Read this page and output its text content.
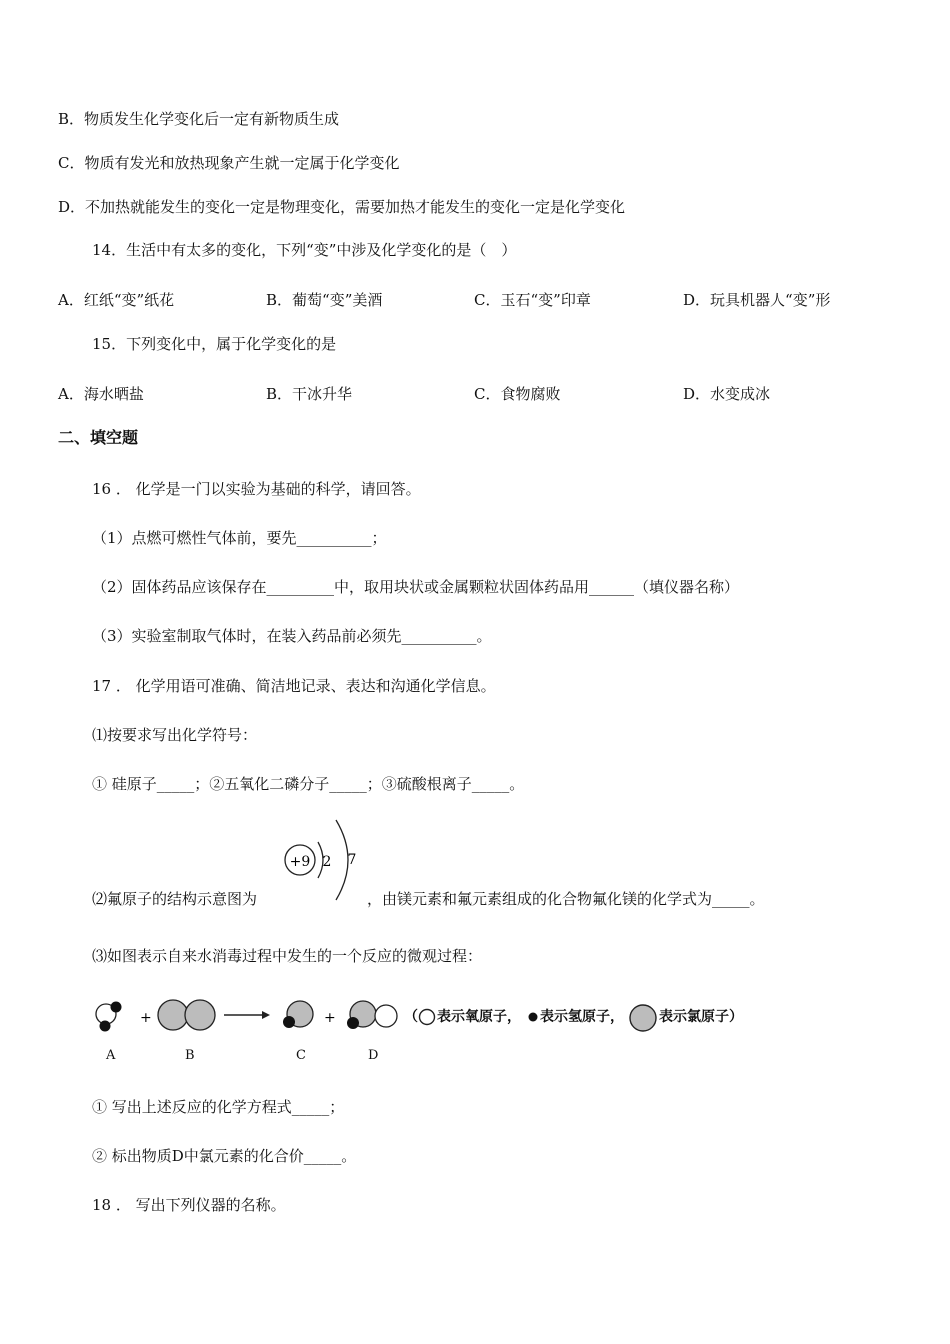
B．物质发生化学变化后一定有新物质生成
C．物质有发光和放热现象产生就一定属于化学变化
D．不加热就能发生的变化一定是物理变化，需要加热才能发生的变化一定是化学变化
14．生活中有太多的变化，下列“变”中涉及化学变化的是（　）
A．红纸“变”纸花	B．葡萄“变”美酒	C．玉石“变”印章	D．玩具机器人“变”形
15．下列变化中，属于化学变化的是
A．海水晒盐	B．干冰升华	C．食物腐败	D．水变成冰
二、填空题
16 ． 化学是一门以实验为基础的科学，请回答。
（1）点燃可燃性气体前，要先__________；
（2）固体药品应该保存在_________中，取用块状或金属颗粒状固体药品用______（填仪器名称）
（3）实验室制取气体时，在装入药品前必须先__________。
17 ． 化学用语可准确、简洁地记录、表达和沟通化学信息。
⑴按要求写出化学符号：
① 硅原子_____；②五氧化二磷分子_____；③硫酸根离子_____。
+9 2 7
⑵氟原子的结构示意图为	，由镁元素和氟元素组成的化合物氟化镁的化学式为_____。
⑶如图表示自来水消毒过程中发生的一个反应的微观过程：
+	+
A	B	C	D
（ 表示氧原子， 表示氢原子，	表示氯原子）
① 写出上述反应的化学方程式_____；
② 标出物质D中氯元素的化合价_____。
18 ． 写出下列仪器的名称。
